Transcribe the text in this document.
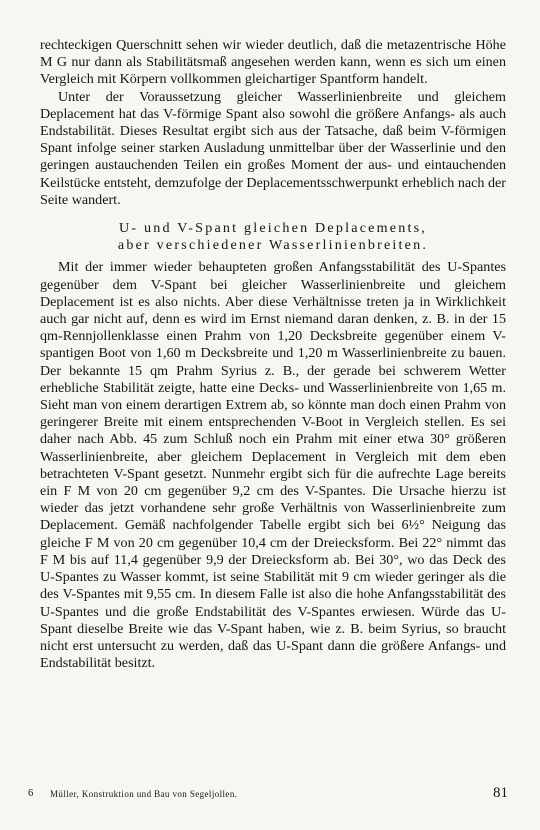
rechteckigen Querschnitt sehen wir wieder deutlich, daß die metazentrische Höhe M G nur dann als Stabilitätsmaß angesehen werden kann, wenn es sich um einen Vergleich mit Körpern vollkommen gleichartiger Spantform handelt.

Unter der Voraussetzung gleicher Wasserlinienbreite und gleichem Deplacement hat das V-förmige Spant also sowohl die größere Anfangs- als auch Endstabilität. Dieses Resultat ergibt sich aus der Tatsache, daß beim V-förmigen Spant infolge seiner starken Ausladung unmittelbar über der Wasserlinie und den geringen austauchenden Teilen ein großes Moment der aus- und eintauchenden Keilstücke entsteht, demzufolge der Deplacementsschwerpunkt erheblich nach der Seite wandert.

U- und V-Spant gleichen Deplacements,
aber verschiedener Wasserlinienbreiten.

Mit der immer wieder behaupteten großen Anfangsstabilität des U-Spantes gegenüber dem V-Spant bei gleicher Wasserlinienbreite und gleichem Deplacement ist es also nichts. Aber diese Verhältnisse treten ja in Wirklichkeit auch gar nicht auf, denn es wird im Ernst niemand daran denken, z. B. in der 15 qm-Rennjollenklasse einen Prahm von 1,20 Decksbreite gegenüber einem V-spantigen Boot von 1,60 m Decksbreite und 1,20 m Wasserlinienbreite zu bauen. Der bekannte 15 qm Prahm Syrius z. B., der gerade bei schwerem Wetter erhebliche Stabilität zeigte, hatte eine Decks- und Wasserlinienbreite von 1,65 m. Sieht man von einem derartigen Extrem ab, so könnte man doch einen Prahm von geringerer Breite mit einem entsprechenden V-Boot in Vergleich stellen. Es sei daher nach Abb. 45 zum Schluß noch ein Prahm mit einer etwa 30° größeren Wasserlinienbreite, aber gleichem Deplacement in Vergleich mit dem eben betrachteten V-Spant gesetzt. Nunmehr ergibt sich für die aufrechte Lage bereits ein F M von 20 cm gegenüber 9,2 cm des V-Spantes. Die Ursache hierzu ist wieder das jetzt vorhandene sehr große Verhältnis von Wasserlinienbreite zum Deplacement. Gemäß nachfolgender Tabelle ergibt sich bei 6½° Neigung das gleiche F M von 20 cm gegenüber 10,4 cm der Dreiecksform. Bei 22° nimmt das F M bis auf 11,4 gegenüber 9,9 der Dreiecksform ab. Bei 30°, wo das Deck des U-Spantes zu Wasser kommt, ist seine Stabilität mit 9 cm wieder geringer als die des V-Spantes mit 9,55 cm. In diesem Falle ist also die hohe Anfangsstabilität des U-Spantes und die große Endstabilität des V-Spantes erwiesen. Würde das U-Spant dieselbe Breite wie das V-Spant haben, wie z. B. beim Syrius, so braucht nicht erst untersucht zu werden, daß das U-Spant dann die größere Anfangs- und Endstabilität besitzt.

6 Müller, Konstruktion und Bau von Segeljollen.	81
